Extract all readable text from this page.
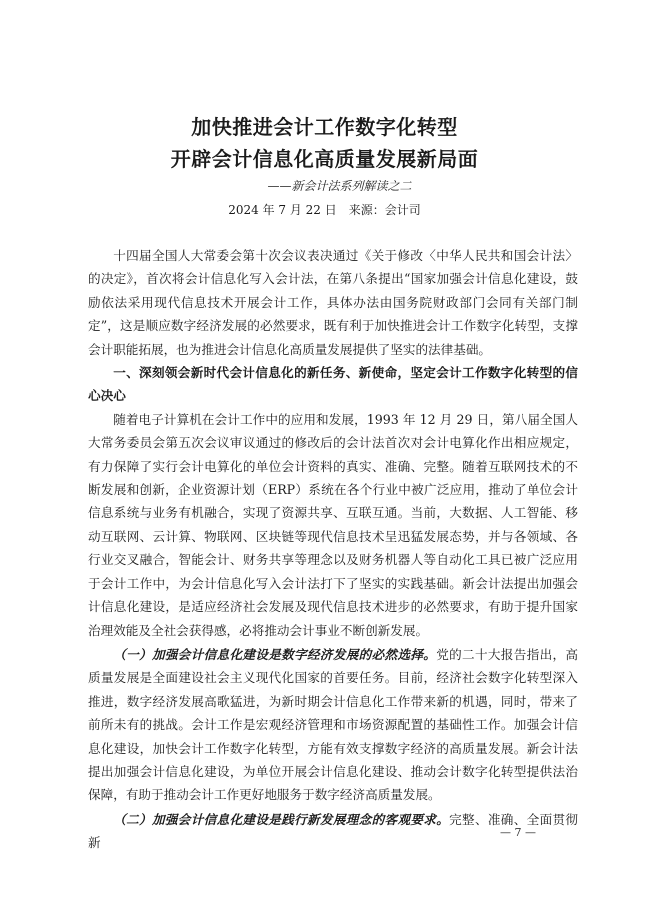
加快推进会计工作数字化转型
开辟会计信息化高质量发展新局面
——新会计法系列解读之二
2024 年 7 月 22 日　来源：会计司

十四届全国人大常委会第十次会议表决通过《关于修改〈中华人民共和国会计法〉的决定》，首次将会计信息化写入会计法，在第八条提出“国家加强会计信息化建设，鼓励依法采用现代信息技术开展会计工作，具体办法由国务院财政部门会同有关部门制定”，这是顺应数字经济发展的必然要求，既有利于加快推进会计工作数字化转型，支撑会计职能拓展，也为推进会计信息化高质量发展提供了坚实的法律基础。

一、深刻领会新时代会计信息化的新任务、新使命，坚定会计工作数字化转型的信心决心

随着电子计算机在会计工作中的应用和发展，1993 年 12 月 29 日，第八届全国人大常务委员会第五次会议审议通过的修改后的会计法首次对会计电算化作出相应规定，有力保障了实行会计电算化的单位会计资料的真实、准确、完整。随着互联网技术的不断发展和创新，企业资源计划（ERP）系统在各个行业中被广泛应用，推动了单位会计信息系统与业务有机融合，实现了资源共享、互联互通。当前，大数据、人工智能、移动互联网、云计算、物联网、区块链等现代信息技术呈迅猛发展态势，并与各领域、各行业交叉融合，智能会计、财务共享等理念以及财务机器人等自动化工具已被广泛应用于会计工作中，为会计信息化写入会计法打下了坚实的实践基础。新会计法提出加强会计信息化建设，是适应经济社会发展及现代信息技术进步的必然要求，有助于提升国家治理效能及全社会获得感，必将推动会计事业不断创新发展。

（一）加强会计信息化建设是数字经济发展的必然选择。党的二十大报告指出，高质量发展是全面建设社会主义现代化国家的首要任务。目前，经济社会数字化转型深入推进，数字经济发展高歌猛进，为新时期会计信息化工作带来新的机遇，同时，带来了前所未有的挑战。会计工作是宏观经济管理和市场资源配置的基础性工作。加强会计信息化建设，加快会计工作数字化转型，方能有效支撑数字经济的高质量发展。新会计法提出加强会计信息化建设，为单位开展会计信息化建设、推动会计数字化转型提供法治保障，有助于推动会计工作更好地服务于数字经济高质量发展。

（二）加强会计信息化建设是践行新发展理念的客观要求。完整、准确、全面贯彻新

— 7 —
